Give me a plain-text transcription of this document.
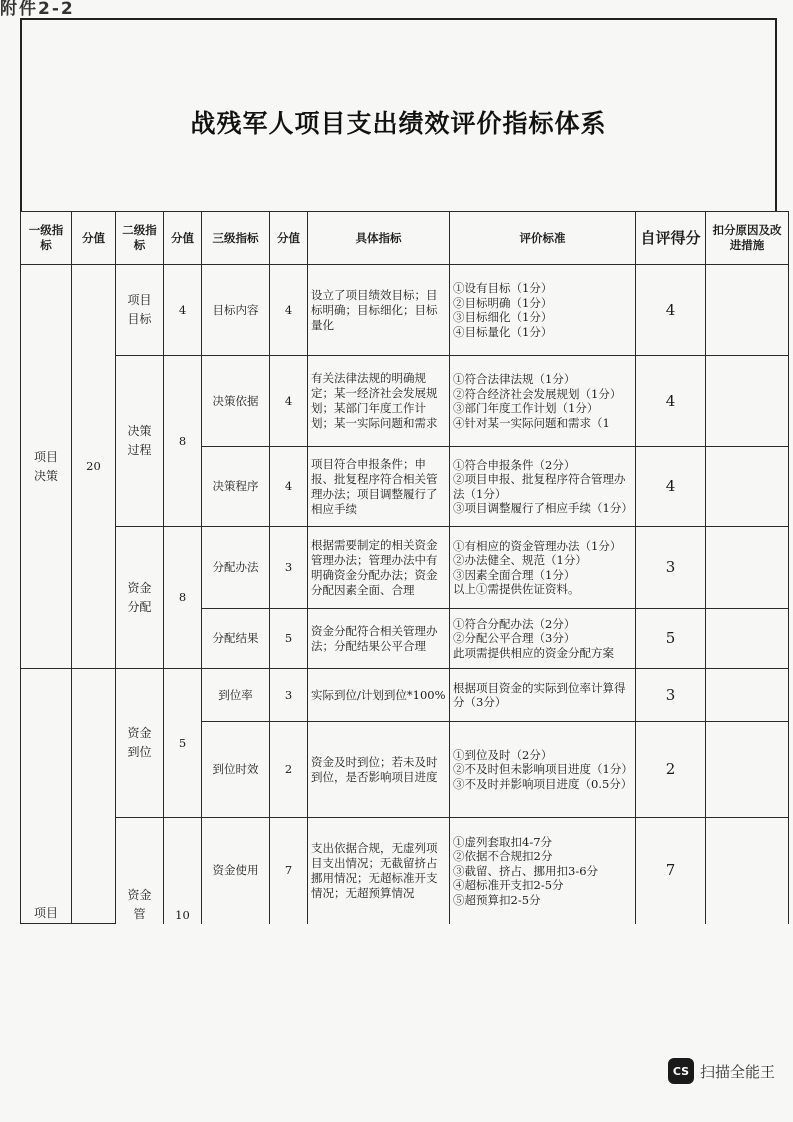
附件2-2
战残军人项目支出绩效评价指标体系
一级指标	分值	二级指标	分值	三级指标	分值	具体指标	评价标准	自评得分	扣分原因及改进措施
项目决策	20	项目目标	4	目标内容	4	设立了项目绩效目标；目标明确；目标细化；目标量化	①设有目标（1分）
②目标明确（1分）
③目标细化（1分）
④目标量化（1分）	4	
		决策过程	8	决策依据	4	有关法律法规的明确规定；某一经济社会发展规划；某部门年度工作计划；某一实际问题和需求	①符合法律法规（1分）
②符合经济社会发展规划（1分）
③部门年度工作计划（1分）
④针对某一实际问题和需求（1	4	
				决策程序	4	项目符合申报条件；申报、批复程序符合相关管理办法；项目调整履行了相应手续	①符合申报条件（2分）
②项目申报、批复程序符合管理办法（1分）
③项目调整履行了相应手续（1分）	4	
		资金分配	8	分配办法	3	根据需要制定的相关资金管理办法；管理办法中有明确资金分配办法；资金分配因素全面、合理	①有相应的资金管理办法（1分）
②办法健全、规范（1分）
③因素全面合理（1分）
以上①需提供佐证资料。	3	
				分配结果	5	资金分配符合相关管理办法；分配结果公平合理	①符合分配办法（2分）
②分配公平合理（3分）
此项需提供相应的资金分配方案	5	
项目		资金到位	5	到位率	3	实际到位/计划到位*100%	根据项目资金的实际到位率计算得分（3分）	3	
				到位时效	2	资金及时到位；若未及时到位，是否影响项目进度	①到位及时（2分）
②不及时但未影响项目进度（1分）
③不及时并影响项目进度（0.5分）	2	
		资金管	10	资金使用	7	支出依据合规，无虚列项目支出情况；无截留挤占挪用情况；无超标准开支情况；无超预算情况	①虚列套取扣4-7分
②依据不合规扣2分
③截留、挤占、挪用扣3-6分
④超标准开支扣2-5分
⑤超预算扣2-5分	7	
CS 扫描全能王
